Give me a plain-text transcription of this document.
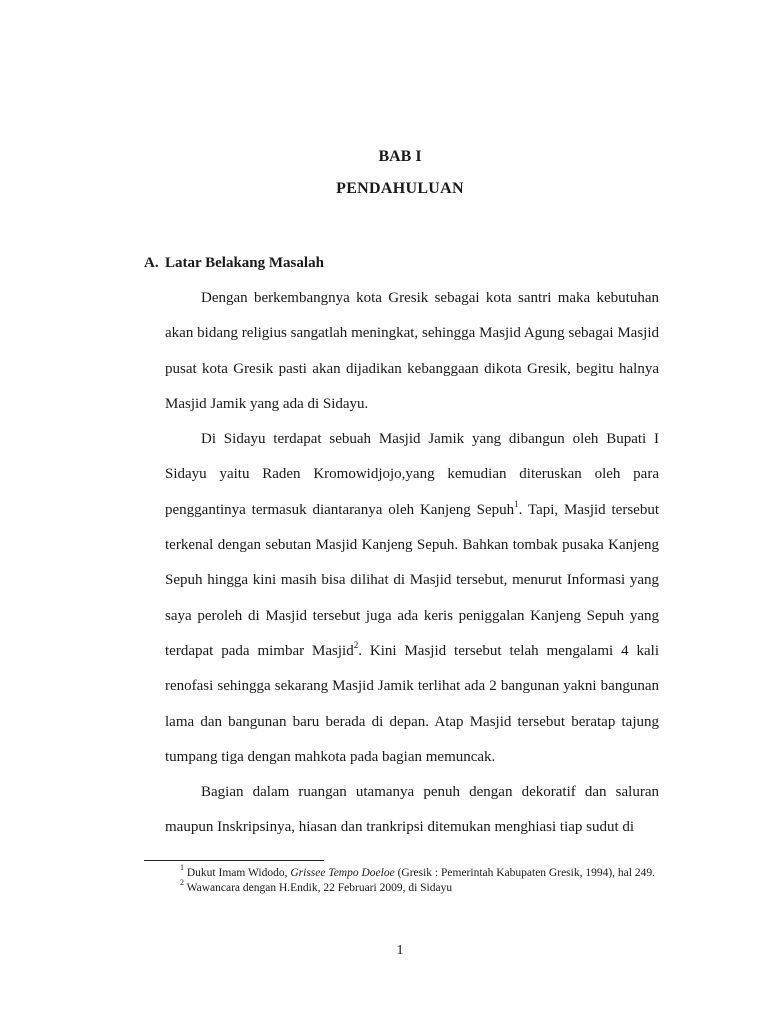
BAB I
PENDAHULUAN
A. Latar Belakang Masalah

Dengan berkembangnya kota Gresik sebagai kota santri maka kebutuhan akan bidang religius sangatlah meningkat, sehingga Masjid Agung sebagai Masjid pusat kota Gresik pasti akan dijadikan kebanggaan dikota Gresik, begitu halnya Masjid Jamik yang ada di Sidayu.

Di Sidayu terdapat sebuah Masjid Jamik yang dibangun oleh Bupati I Sidayu yaitu Raden Kromowidjojo,yang kemudian diteruskan oleh para penggantinya termasuk diantaranya oleh Kanjeng Sepuh$^1$. Tapi, Masjid tersebut terkenal dengan sebutan Masjid Kanjeng Sepuh. Bahkan tombak pusaka Kanjeng Sepuh hingga kini masih bisa dilihat di Masjid tersebut, menurut Informasi yang saya peroleh di Masjid tersebut juga ada keris peniggalan Kanjeng Sepuh yang terdapat pada mimbar Masjid$^2$. Kini Masjid tersebut telah mengalami 4 kali renofasi sehingga sekarang Masjid Jamik terlihat ada 2 bangunan yakni bangunan lama dan bangunan baru berada di depan. Atap Masjid tersebut beratap tajung tumpang tiga dengan mahkota pada bagian memuncak.

Bagian dalam ruangan utamanya penuh dengan dekoratif dan saluran maupun Inskripsinya, hiasan dan trankripsi ditemukan menghiasi tiap sudut di

$^1$ Dukut Imam Widodo, Grissee Tempo Doeloe (Gresik : Pemerintah Kabupaten Gresik, 1994), hal 249.

$^2$ Wawancara dengan H.Endik, 22 Februari 2009, di Sidayu

1
